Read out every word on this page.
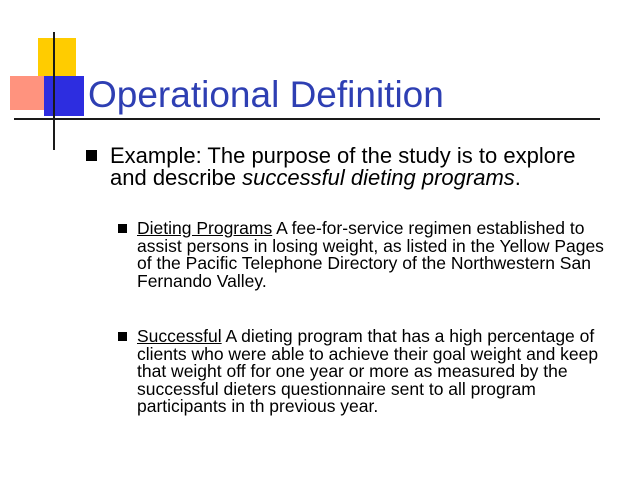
Operational Definition
Example: The purpose of the study is to explore and describe successful dieting programs.
Dieting Programs A fee-for-service regimen established to assist persons in losing weight, as listed in the Yellow Pages of the Pacific Telephone Directory of the Northwestern San Fernando Valley.
Successful A dieting program that has a high percentage of clients who were able to achieve their goal weight and keep that weight off for one year or more as measured by the successful dieters questionnaire sent to all program participants in th previous year.
